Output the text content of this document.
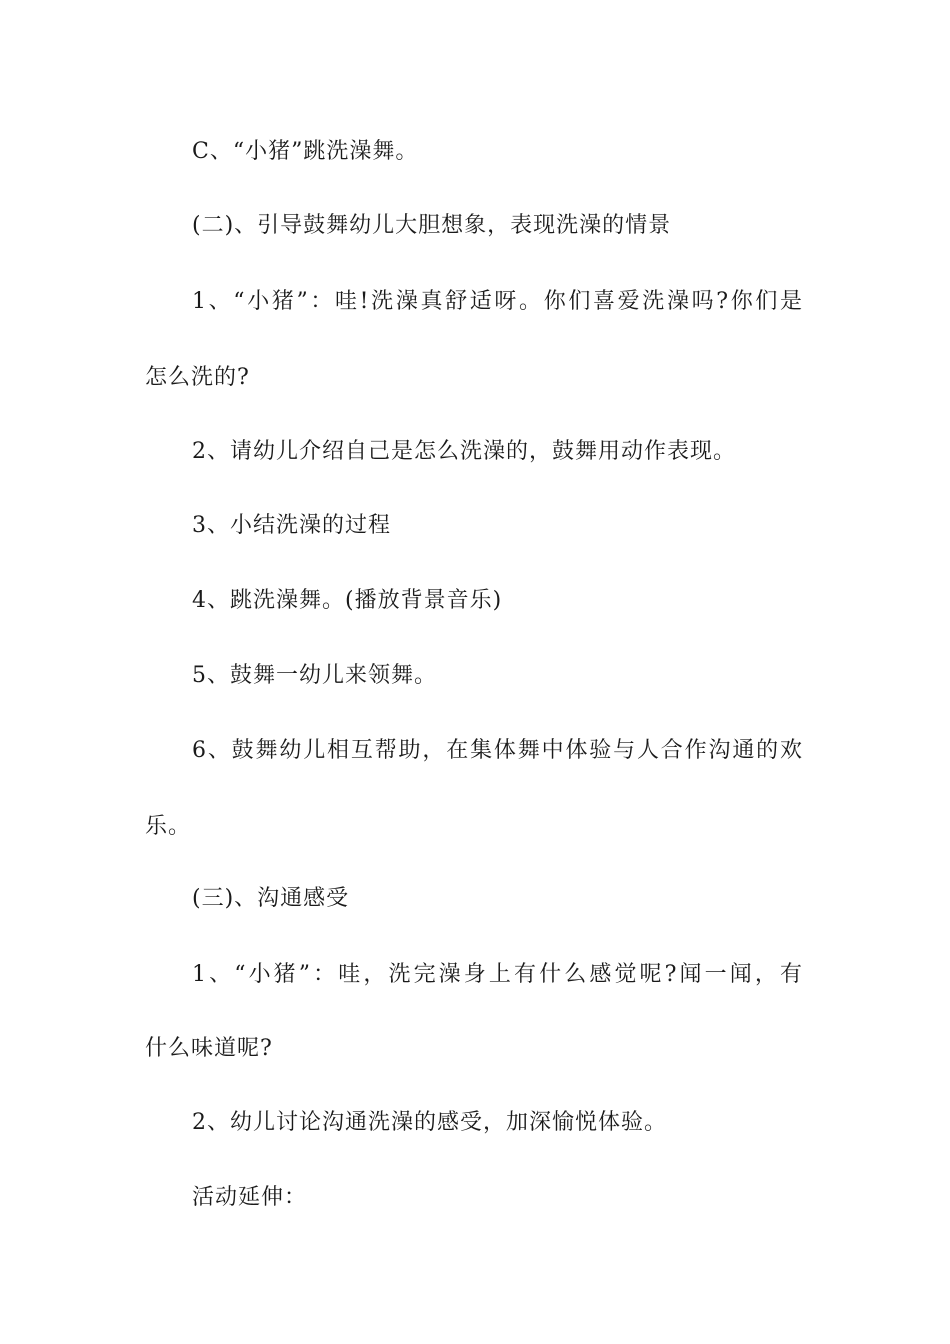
C、“小猪”跳洗澡舞。

(二)、引导鼓舞幼儿大胆想象，表现洗澡的情景

1、“小猪”：哇!洗澡真舒适呀。你们喜爱洗澡吗?你们是

怎么洗的?

2、请幼儿介绍自己是怎么洗澡的，鼓舞用动作表现。

3、小结洗澡的过程

4、跳洗澡舞。(播放背景音乐)

5、鼓舞一幼儿来领舞。

6、鼓舞幼儿相互帮助，在集体舞中体验与人合作沟通的欢

乐。

(三)、沟通感受

1、“小猪”：哇，洗完澡身上有什么感觉呢?闻一闻，有

什么味道呢?

2、幼儿讨论沟通洗澡的感受，加深愉悦体验。

活动延伸：
